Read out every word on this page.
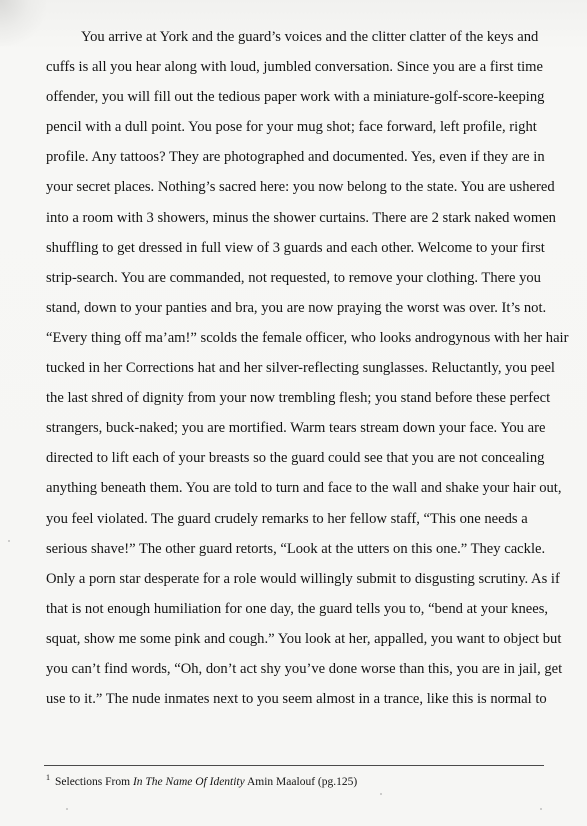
You arrive at York and the guard’s voices and the clitter clatter of the keys and
cuffs is all you hear along with loud, jumbled conversation. Since you are a first time
offender, you will fill out the tedious paper work with a miniature-golf-score-keeping
pencil with a dull point. You pose for your mug shot; face forward, left profile, right
profile. Any tattoos? They are photographed and documented. Yes, even if they are in
your secret places. Nothing’s sacred here: you now belong to the state. You are ushered
into a room with 3 showers, minus the shower curtains. There are 2 stark naked women
shuffling to get dressed in full view of 3 guards and each other. Welcome to your first
strip-search. You are commanded, not requested, to remove your clothing. There you
stand, down to your panties and bra, you are now praying the worst was over. It’s not.
“Every thing off ma’am!” scolds the female officer, who looks androgynous with her hair
tucked in her Corrections hat and her silver-reflecting sunglasses. Reluctantly, you peel
the last shred of dignity from your now trembling flesh; you stand before these perfect
strangers, buck-naked; you are mortified. Warm tears stream down your face. You are
directed to lift each of your breasts so the guard could see that you are not concealing
anything beneath them. You are told to turn and face to the wall and shake your hair out,
you feel violated. The guard crudely remarks to her fellow staff, “This one needs a
serious shave!” The other guard retorts, “Look at the utters on this one.” They cackle.
Only a porn star desperate for a role would willingly submit to disgusting scrutiny. As if
that is not enough humiliation for one day, the guard tells you to, “bend at your knees,
squat, show me some pink and cough.” You look at her, appalled, you want to object but
you can’t find words, “Oh, don’t act shy you’ve done worse than this, you are in jail, get
use to it.” The nude inmates next to you seem almost in a trance, like this is normal to
$^1$ Selections From In The Name Of Identity Amin Maalouf (pg.125)
